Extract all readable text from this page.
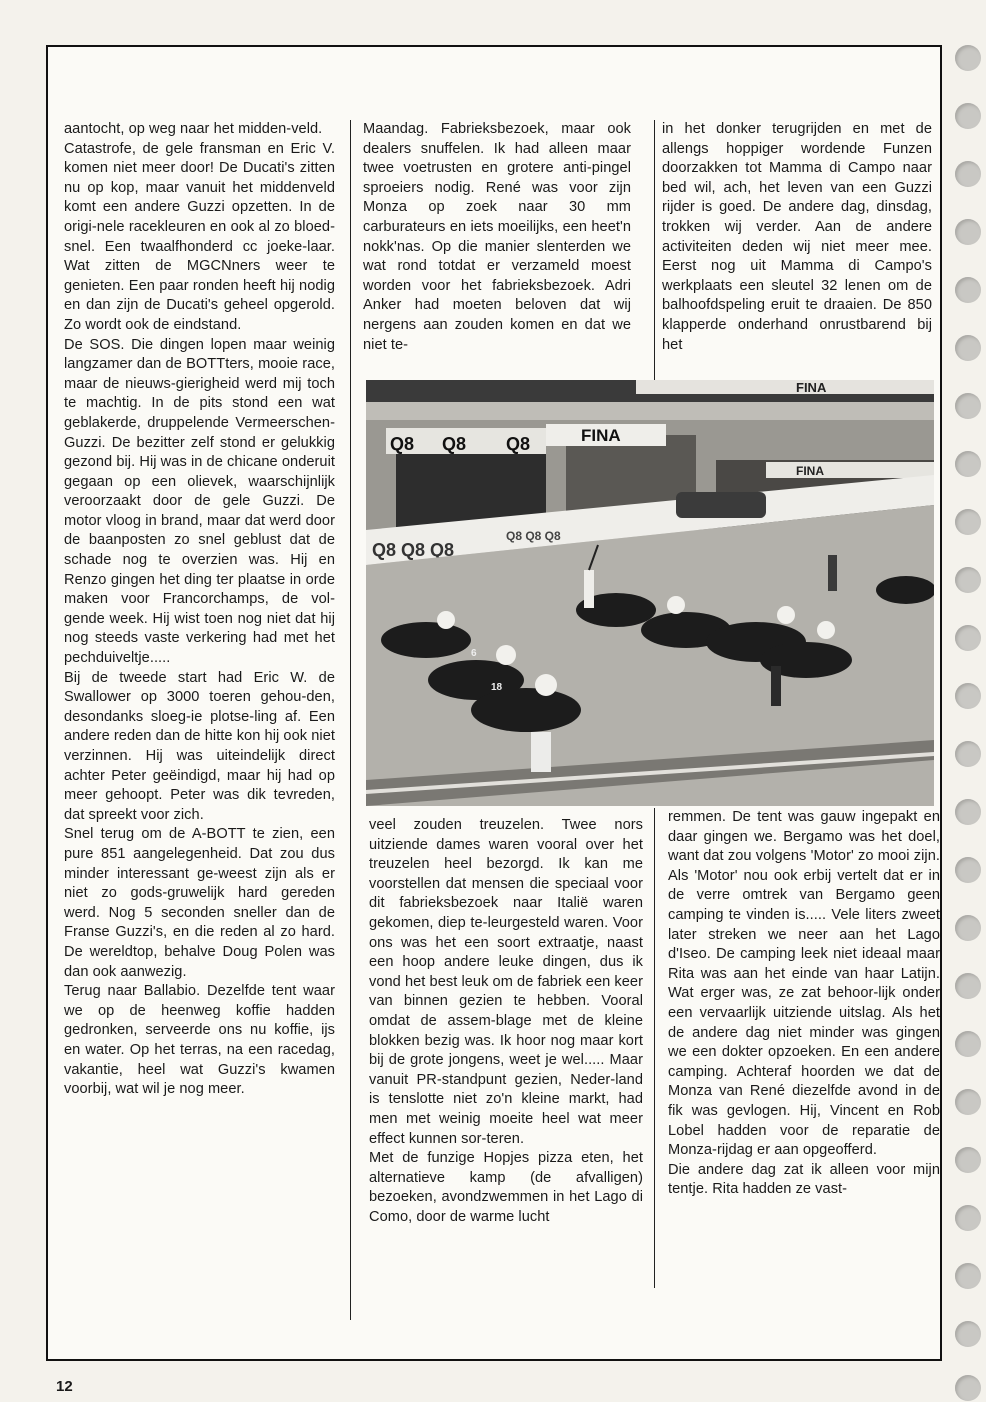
aantocht, op weg naar het midden-veld.

Catastrofe, de gele fransman en Eric V. komen niet meer door! De Ducati's zitten nu op kop, maar vanuit het middenveld komt een andere Guzzi opzetten. In de origi-nele racekleuren en ook al zo bloed-snel. Een twaalfhonderd cc joeke-laar. Wat zitten de MGCNners weer te genieten. Een paar ronden heeft hij nodig en dan zijn de Ducati's geheel opgerold. Zo wordt ook de eindstand.

De SOS. Die dingen lopen maar weinig langzamer dan de BOTTters, mooie race, maar de nieuws-gierigheid werd mij toch te machtig. In de pits stond een wat geblakerde, druppelende Vermeerschen-Guzzi. De bezitter zelf stond er gelukkig gezond bij. Hij was in de chicane onderuit gegaan op een olievek, waarschijnlijk veroorzaakt door de gele Guzzi. De motor vloog in brand, maar dat werd door de baanposten zo snel geblust dat de schade nog te overzien was. Hij en Renzo gingen het ding ter plaatse in orde maken voor Francorchamps, de vol-gende week. Hij wist toen nog niet dat hij nog steeds vaste verkering had met het pechduiveltje.....

Bij de tweede start had Eric W. de Swallower op 3000 toeren gehou-den, desondanks sloeg-ie plotse-ling af. Een andere reden dan de hitte kon hij ook niet verzinnen. Hij was uiteindelijk direct achter Peter geëindigd, maar hij had op meer gehoopt. Peter was dik tevreden, dat spreekt voor zich.

Snel terug om de A-BOTT te zien, een pure 851 aangelegenheid. Dat zou dus minder interessant ge-weest zijn als er niet zo gods-gruwelijk hard gereden werd. Nog 5 seconden sneller dan de Franse Guzzi's, en die reden al zo hard. De wereldtop, behalve Doug Polen was dan ook aanwezig.

Terug naar Ballabio. Dezelfde tent waar we op de heenweg koffie hadden gedronken, serveerde ons nu koffie, ijs en water. Op het terras, na een racedag, vakantie, heel wat Guzzi's kwamen voorbij, wat wil je nog meer.

Maandag. Fabrieksbezoek, maar ook dealers snuffelen. Ik had alleen maar twee voetrusten en grotere anti-pingel sproeiers nodig. René was voor zijn Monza op zoek naar 30 mm carburateurs en iets moeilijks, een heet'n nokk'nas. Op die manier slenterden we wat rond totdat er verzameld moest worden voor het fabrieksbezoek. Adri Anker had moeten beloven dat wij nergens aan zouden komen en dat we niet te-

in het donker terugrijden en met de allengs hoppiger wordende Funzen doorzakken tot Mamma di Campo naar bed wil, ach, het leven van een Guzzi rijder is goed. De andere dag, dinsdag, trokken wij verder. Aan de andere activiteiten deden wij niet meer mee. Eerst nog uit Mamma di Campo's werkplaats een sleutel 32 lenen om de balhoofdspeling eruit te draaien. De 850 klapperde onderhand onrustbarend bij het

FINA
FINA
Q8 Q8 Q8
FINA
Q8 Q8 Q8
Q8 Q8 Q8
18
6

veel zouden treuzelen. Twee nors uitziende dames waren vooral over het treuzelen heel bezorgd. Ik kan me voorstellen dat mensen die speciaal voor dit fabrieksbezoek naar Italië waren gekomen, diep te-leurgesteld waren. Voor ons was het een soort extraatje, naast een hoop andere leuke dingen, dus ik vond het best leuk om de fabriek een keer van binnen gezien te hebben. Vooral omdat de assem-blage met de kleine blokken bezig was. Ik hoor nog maar kort bij de grote jongens, weet je wel..... Maar vanuit PR-standpunt gezien, Neder-land is tenslotte niet zo'n kleine markt, had men met weinig moeite heel wat meer effect kunnen sor-teren.

Met de funzige Hopjes pizza eten, het alternatieve kamp (de afvalligen) bezoeken, avondzwemmen in het Lago di Como, door de warme lucht

remmen. De tent was gauw ingepakt en daar gingen we. Bergamo was het doel, want dat zou volgens 'Motor' zo mooi zijn. Als 'Motor' nou ook erbij vertelt dat er in de verre omtrek van Bergamo geen camping te vinden is..... Vele liters zweet later streken we neer aan het Lago d'Iseo. De camping leek niet ideaal maar Rita was aan het einde van haar Latijn. Wat erger was, ze zat behoor-lijk onder een vervaarlijk uitziende uitslag. Als het de andere dag niet minder was gingen we een dokter opzoeken. En een andere camping. Achteraf hoorden we dat de Monza van René diezelfde avond in de fik was gevlogen. Hij, Vincent en Rob Lobel hadden voor de reparatie de Monza-rijdag er aan opgeofferd.

Die andere dag zat ik alleen voor mijn tentje. Rita hadden ze vast-

12
